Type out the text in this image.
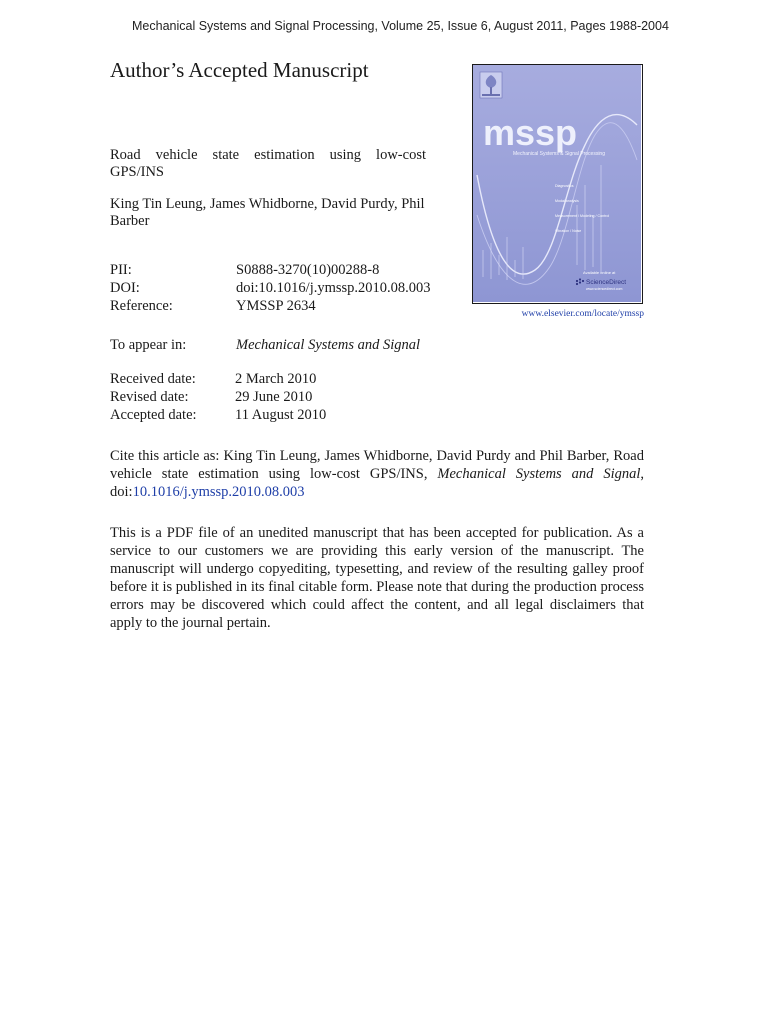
Mechanical Systems and Signal Processing, Volume 25, Issue 6, August 2011, Pages 1988-2004
Author’s Accepted Manuscript
Road vehicle state estimation using low-cost GPS/INS
King Tin Leung, James Whidborne, David Purdy, Phil Barber
PII:	S0888-3270(10)00288-8
DOI:	doi:10.1016/j.ymssp.2010.08.003
Reference:	YMSSP 2634
To appear in:	Mechanical Systems and Signal
Received date:	2 March 2010
Revised date:	29 June 2010
Accepted date:	11 August 2010
Cite this article as: King Tin Leung, James Whidborne, David Purdy and Phil Barber, Road vehicle state estimation using low-cost GPS/INS, Mechanical Systems and Signal, doi:10.1016/j.ymssp.2010.08.003
This is a PDF file of an unedited manuscript that has been accepted for publication. As a service to our customers we are providing this early version of the manuscript. The manuscript will undergo copyediting, typesetting, and review of the resulting galley proof before it is published in its final citable form. Please note that during the production process errors may be discovered which could affect the content, and all legal disclaimers that apply to the journal pertain.
mssp
Mechanical Systems & Signal Processing
Diagnostics
Modal analysis
Measurement / Modeling / Control
Vibration / Noise
Available online at
ScienceDirect
www.sciencedirect.com
www.elsevier.com/locate/ymssp
